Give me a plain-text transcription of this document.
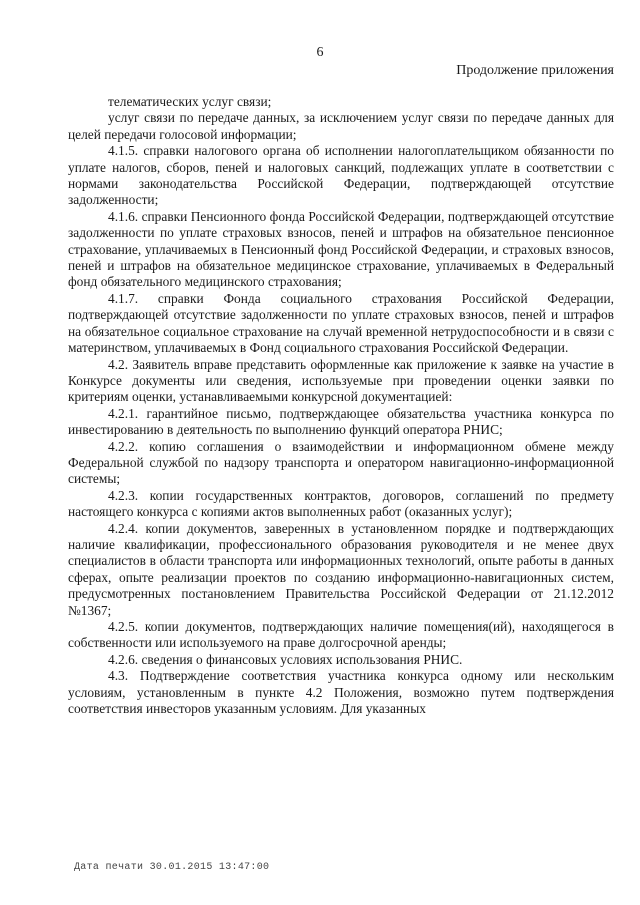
6
Продолжение приложения

телематических услуг связи;

услуг связи по передаче данных, за исключением услуг связи по передаче данных для целей передачи голосовой информации;

4.1.5. справки налогового органа об исполнении налогоплательщиком обязанности по уплате налогов, сборов, пеней и налоговых санкций, подлежащих уплате в соответствии с нормами законодательства Российской Федерации, подтверждающей отсутствие задолженности;

4.1.6. справки Пенсионного фонда Российской Федерации, подтверждающей отсутствие задолженности по уплате страховых взносов, пеней и штрафов на обязательное пенсионное страхование, уплачиваемых в Пенсионный фонд Российской Федерации, и страховых взносов, пеней и штрафов на обязательное медицинское страхование, уплачиваемых в Федеральный фонд обязательного медицинского страхования;

4.1.7. справки Фонда социального страхования Российской Федерации, подтверждающей отсутствие задолженности по уплате страховых взносов, пеней и штрафов на обязательное социальное страхование на случай временной нетрудоспособности и в связи с материнством, уплачиваемых в Фонд социального страхования Российской Федерации.

4.2. Заявитель вправе представить оформленные как приложение к заявке на участие в Конкурсе документы или сведения, используемые при проведении оценки заявки по критериям оценки, устанавливаемыми конкурсной документацией:

4.2.1. гарантийное письмо, подтверждающее обязательства участника конкурса по инвестированию в деятельность по выполнению функций оператора РНИС;

4.2.2. копию соглашения о взаимодействии и информационном обмене между Федеральной службой по надзору транспорта и оператором навигационно-информационной системы;

4.2.3. копии государственных контрактов, договоров, соглашений по предмету настоящего конкурса с копиями актов выполненных работ (оказанных услуг);

4.2.4. копии документов, заверенных в установленном порядке и подтверждающих наличие квалификации, профессионального образования руководителя и не менее двух специалистов в области транспорта или информационных технологий, опыте работы в данных сферах, опыте реализации проектов по созданию информационно-навигационных систем, предусмотренных постановлением Правительства Российской Федерации от 21.12.2012 №1367;

4.2.5. копии документов, подтверждающих наличие помещения(ий), находящегося в собственности или используемого на праве долгосрочной аренды;

4.2.6. сведения о финансовых условиях использования РНИС.

4.3. Подтверждение соответствия участника конкурса одному или нескольким условиям, установленным в пункте 4.2 Положения, возможно путем подтверждения соответствия инвесторов указанным условиям. Для указанных

Дата печати 30.01.2015 13:47:00
